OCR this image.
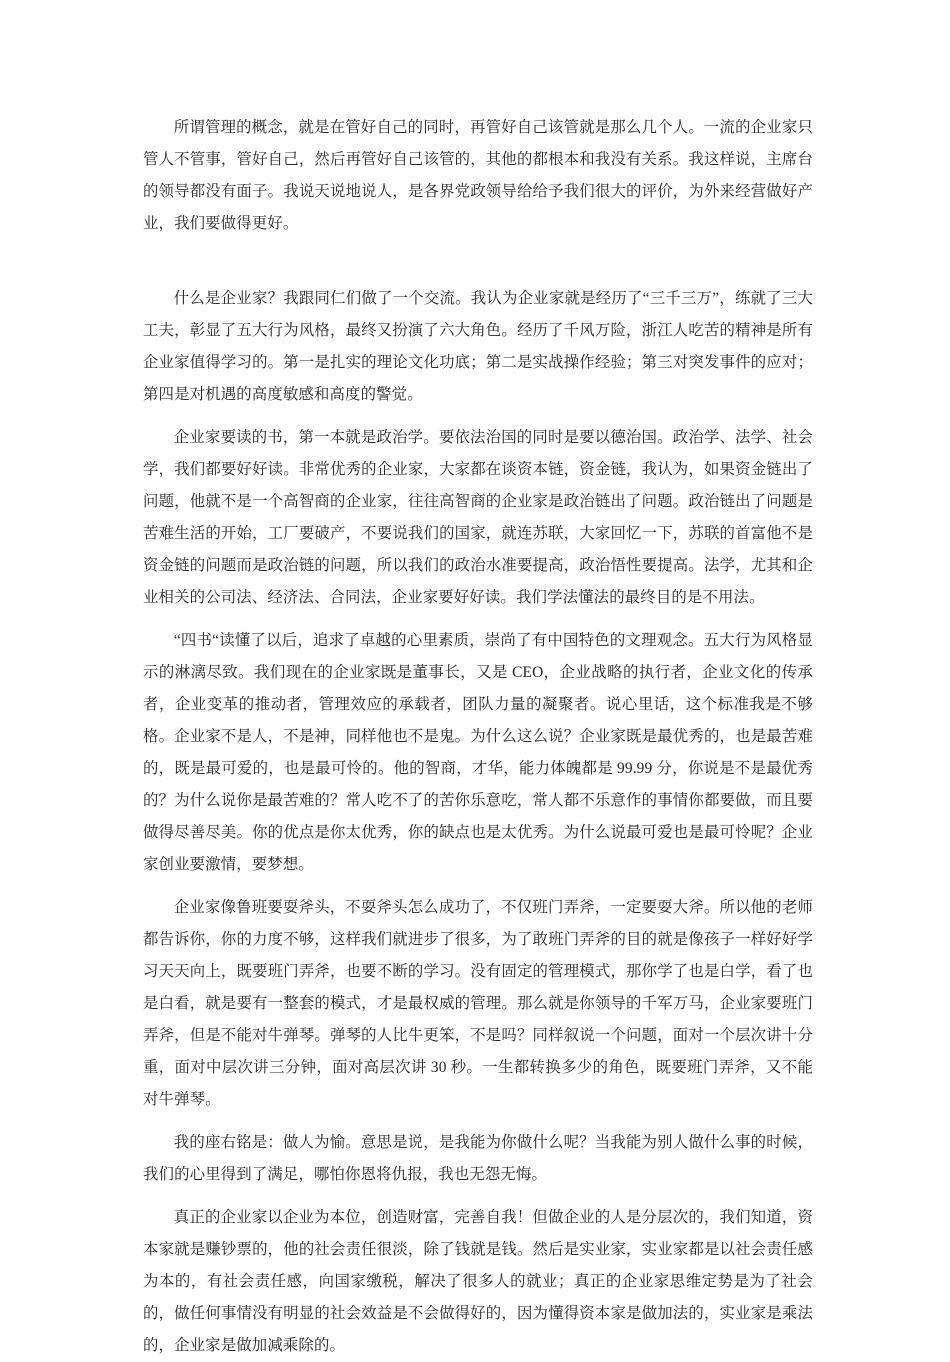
所谓管理的概念，就是在管好自己的同时，再管好自己该管就是那么几个人。一流的企业家只管人不管事，管好自己，然后再管好自己该管的，其他的都根本和我没有关系。我这样说，主席台的领导都没有面子。我说天说地说人，是各界党政领导给给予我们很大的评价，为外来经营做好产业，我们要做得更好。

什么是企业家？我跟同仁们做了一个交流。我认为企业家就是经历了“三千三万”，练就了三大工夫，彰显了五大行为风格，最终又扮演了六大角色。经历了千风万险，浙江人吃苦的精神是所有企业家值得学习的。第一是扎实的理论文化功底；第二是实战操作经验；第三对突发事件的应对；第四是对机遇的高度敏感和高度的警觉。

企业家要读的书，第一本就是政治学。要依法治国的同时是要以德治国。政治学、法学、社会学，我们都要好好读。非常优秀的企业家，大家都在谈资本链，资金链，我认为，如果资金链出了问题，他就不是一个高智商的企业家，往往高智商的企业家是政治链出了问题。政治链出了问题是苦难生活的开始，工厂要破产，不要说我们的国家，就连苏联，大家回忆一下，苏联的首富他不是资金链的问题而是政治链的问题，所以我们的政治水准要提高，政治悟性要提高。法学，尤其和企业相关的公司法、经济法、合同法，企业家要好好读。我们学法懂法的最终目的是不用法。

“四书“读懂了以后，追求了卓越的心里素质，崇尚了有中国特色的文理观念。五大行为风格显示的淋漓尽致。我们现在的企业家既是董事长，又是 CEO，企业战略的执行者，企业文化的传承者，企业变革的推动者，管理效应的承载者，团队力量的凝聚者。说心里话，这个标准我是不够格。企业家不是人，不是神，同样他也不是鬼。为什么这么说？企业家既是最优秀的，也是最苦难的，既是最可爱的，也是最可怜的。他的智商，才华，能力体魄都是 99.99 分，你说是不是最优秀的？为什么说你是最苦难的？常人吃不了的苦你乐意吃，常人都不乐意作的事情你都要做，而且要做得尽善尽美。你的优点是你太优秀，你的缺点也是太优秀。为什么说最可爱也是最可怜呢？企业家创业要激情，要梦想。

企业家像鲁班要耍斧头，不耍斧头怎么成功了，不仅班门弄斧，一定要耍大斧。所以他的老师都告诉你，你的力度不够，这样我们就进步了很多，为了敢班门弄斧的目的就是像孩子一样好好学习天天向上，既要班门弄斧，也要不断的学习。没有固定的管理模式，那你学了也是白学，看了也是白看，就是要有一整套的模式，才是最权威的管理。那么就是你领导的千军万马，企业家要班门弄斧，但是不能对牛弹琴。弹琴的人比牛更笨，不是吗？同样叙说一个问题，面对一个层次讲十分重，面对中层次讲三分钟，面对高层次讲 30 秒。一生都转换多少的角色，既要班门弄斧，又不能对牛弹琴。

我的座右铭是：做人为愉。意思是说，是我能为你做什么呢？当我能为别人做什么事的时候，我们的心里得到了满足，哪怕你恩将仇报，我也无怨无悔。

真正的企业家以企业为本位，创造财富，完善自我！但做企业的人是分层次的，我们知道，资本家就是赚钞票的，他的社会责任很淡，除了钱就是钱。然后是实业家，实业家都是以社会责任感为本的，有社会责任感，向国家缴税，解决了很多人的就业；真正的企业家思维定势是为了社会的，做任何事情没有明显的社会效益是不会做得好的，因为懂得资本家是做加法的，实业家是乘法的，企业家是做加减乘除的。
